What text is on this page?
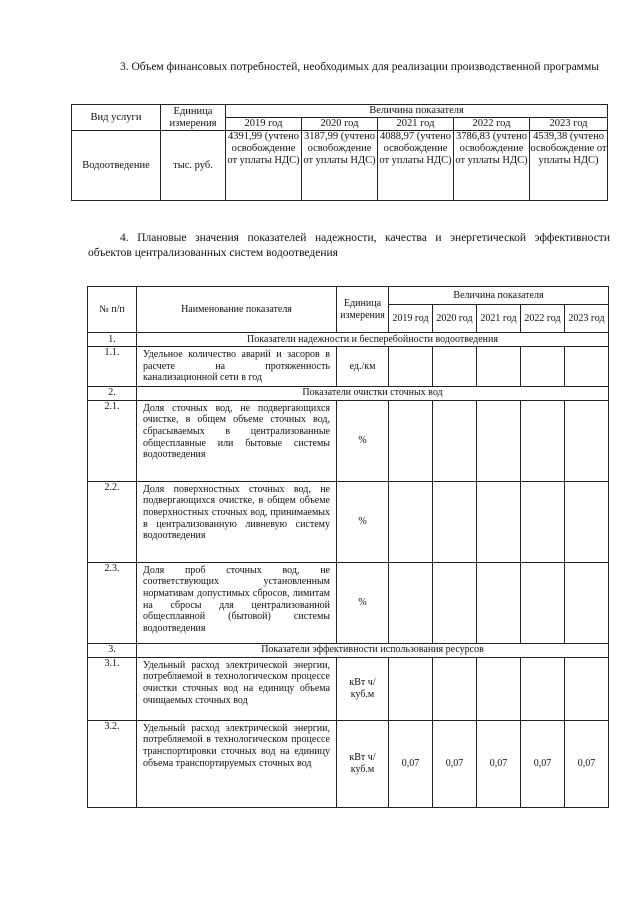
3. Объем финансовых потребностей, необходимых для реализации производственной программы

Вид услуги	Единица измерения	Величина показателя				
		2019 год	2020 год	2021 год	2022 год	2023 год
Водоотведение	тыс. руб.	4391,99 (учтено освобождение от уплаты НДС)	3187,99 (учтено освобождение от уплаты НДС)	4088,97 (учтено освобождение от уплаты НДС)	3786,83 (учтено освобождение от уплаты НДС)	4539,38 (учтено освобождение от уплаты НДС)

4. Плановые значения показателей надежности, качества и энергетической эффективности объектов централизованных систем водоотведения

№ п/п	Наименование показателя	Единица измерения	Величина показателя				
			2019 год	2020 год	2021 год	2022 год	2023 год
1.	Показатели надежности и бесперебойности водоотведения						
1.1.	Удельное количество аварий и засоров в расчете на протяженность канализационной сети в год	ед./км					
2.	Показатели очистки сточных вод						
2.1.	Доля сточных вод, не подвергающихся очистке, в общем объеме сточных вод, сбрасываемых в централизованные общесплавные или бытовые системы водоотведения	%					
2.2.	Доля поверхностных сточных вод, не подвергающихся очистке, в общем объеме поверхностных сточных вод, принимаемых в централизованную ливневую систему водоотведения	%					
2.3.	Доля проб сточных вод, не соответствующих установленным нормативам допустимых сбросов, лимитам на сбросы для централизованной общесплавной (бытовой) системы водоотведения	%					
3.	Показатели эффективности использования ресурсов						
3.1.	Удельный расход электрической энергии, потребляемой в технологическом процессе очистки сточных вод на единицу объема очищаемых сточных вод	кВт ч/куб.м					
3.2.	Удельный расход электрической энергии, потребляемой в технологическом процессе транспортировки сточных вод на единицу объема транспортируемых сточных вод	кВт ч/куб.м	0,07	0,07	0,07	0,07	0,07
